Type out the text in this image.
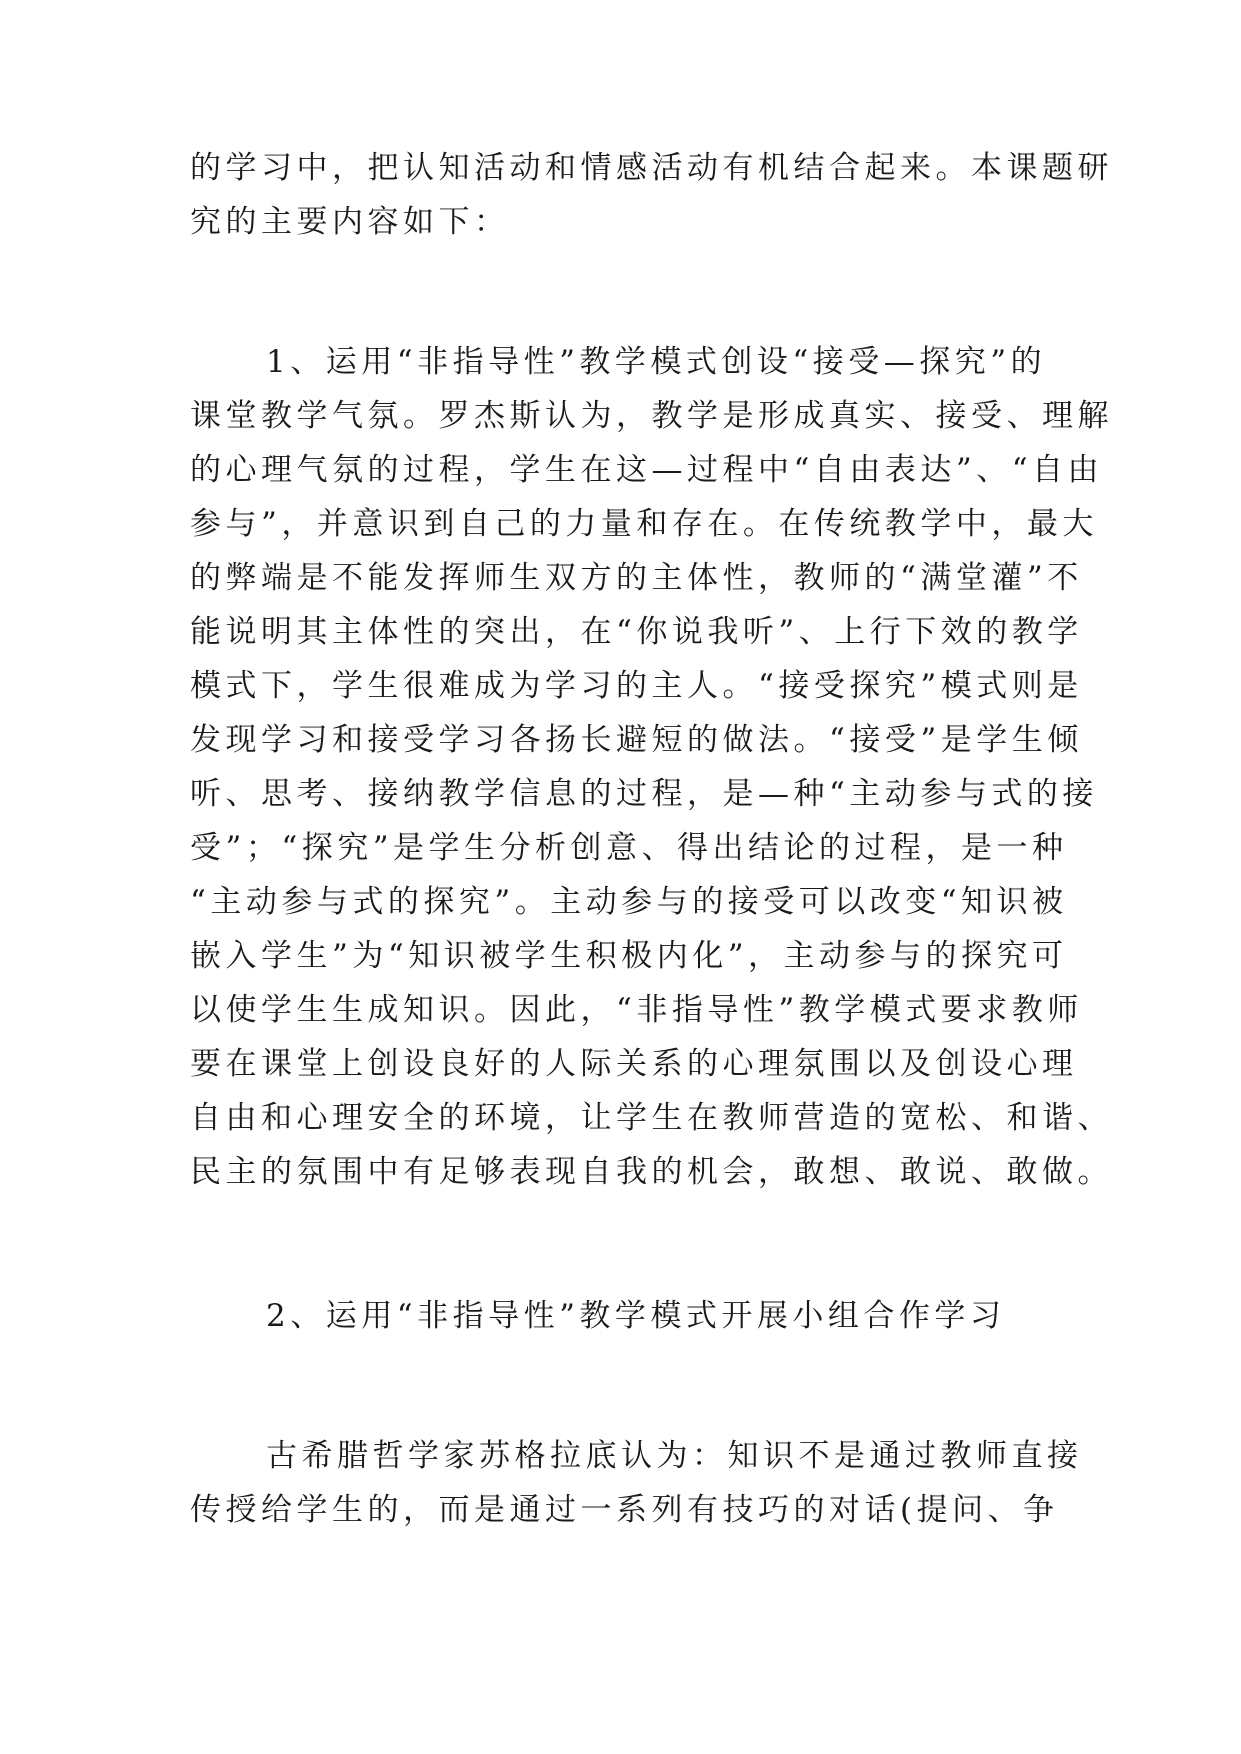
的学习中，把认知活动和情感活动有机结合起来。本课题研
究的主要内容如下：
1、运用“非指导性”教学模式创设“接受—探究”的
课堂教学气氛。罗杰斯认为，教学是形成真实、接受、理解
的心理气氛的过程，学生在这—过程中“自由表达”、“自由
参与”，并意识到自己的力量和存在。在传统教学中，最大
的弊端是不能发挥师生双方的主体性，教师的“满堂灌”不
能说明其主体性的突出，在“你说我听”、上行下效的教学
模式下，学生很难成为学习的主人。“接受探究”模式则是
发现学习和接受学习各扬长避短的做法。“接受”是学生倾
听、思考、接纳教学信息的过程，是—种“主动参与式的接
受”；“探究”是学生分析创意、得出结论的过程，是一种
“主动参与式的探究”。主动参与的接受可以改变“知识被
嵌入学生”为“知识被学生积极内化”，主动参与的探究可
以使学生生成知识。因此，“非指导性”教学模式要求教师
要在课堂上创设良好的人际关系的心理氛围以及创设心理
自由和心理安全的环境，让学生在教师营造的宽松、和谐、
民主的氛围中有足够表现自我的机会，敢想、敢说、敢做。
2、运用“非指导性”教学模式开展小组合作学习
古希腊哲学家苏格拉底认为：知识不是通过教师直接
传授给学生的，而是通过一系列有技巧的对话(提问、争
